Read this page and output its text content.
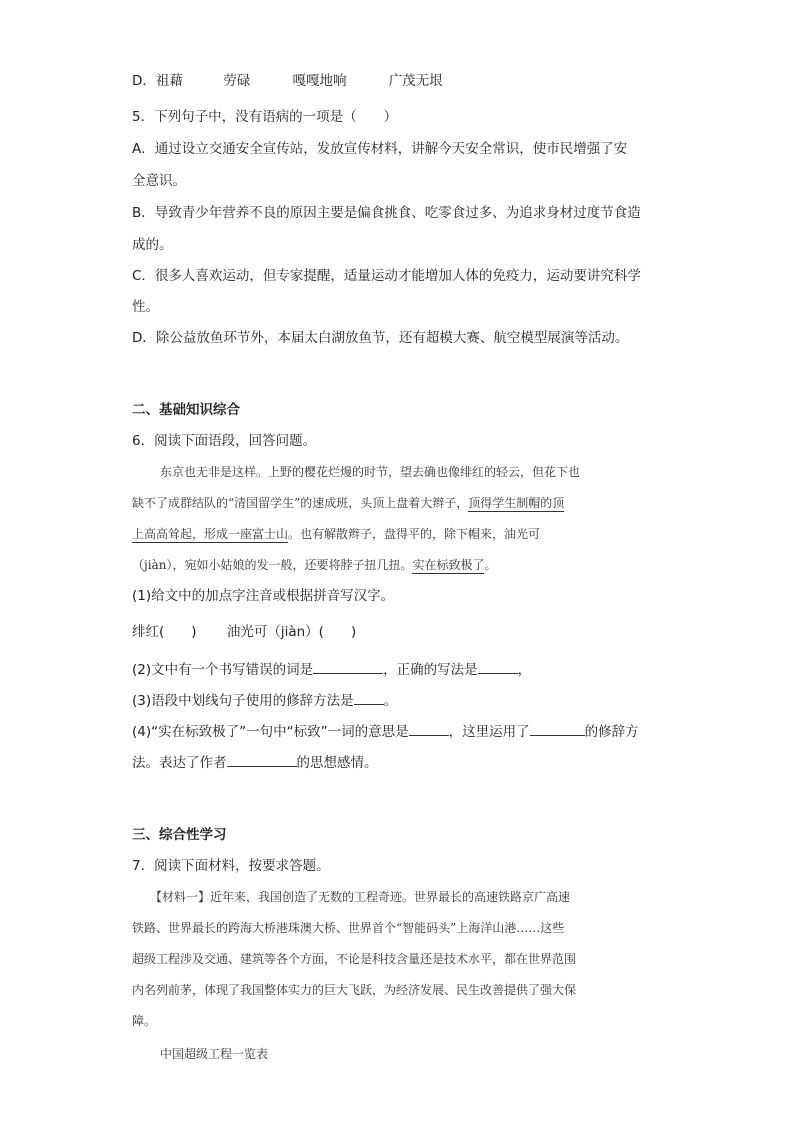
D．祖藉	劳碌	嘎嘎地响	广茂无垠
5．下列句子中，没有语病的一项是（　　）
A．通过设立交通安全宣传站，发放宣传材料，讲解今天安全常识，使市民增强了安
全意识。
B．导致青少年营养不良的原因主要是偏食挑食、吃零食过多、为追求身材过度节食造
成的。
C．很多人喜欢运动，但专家提醒，适量运动才能增加人体的免疫力，运动要讲究科学
性。
D．除公益放鱼环节外，本届太白湖放鱼节，还有超模大赛、航空模型展演等活动。
二、基础知识综合
6．阅读下面语段，回答问题。
东京也无非是这样。上野的樱花烂熳的时节，望去确也像绯红的轻云，但花下也
缺不了成群结队的“清国留学生”的速成班，头顶上盘着大辫子，顶得学生制帽的顶
上高高耸起，形成一座富士山。也有解散辫子，盘得平的，除下帽来，油光可
（jiàn），宛如小姑娘的发一般，还要将脖子扭几扭。实在标致极了。
(1)给文中的加点字注音或根据拼音写汉字。
绯红(　　) 油光可（jiàn）(　　)
(2)文中有一个书写错误的词是	，正确的写法是	，
(3)语段中划线句子使用的修辞方法是 。
(4)“实在标致极了”一句中“标致”一词的意思是	，这里运用了	的修辞方
法。表达了作者	的思想感情。
三、综合性学习
7．阅读下面材料，按要求答题。
【材料一】近年来，我国创造了无数的工程奇迹。世界最长的高速铁路京广高速
铁路、世界最长的跨海大桥港珠澳大桥、世界首个“智能码头”上海洋山港……这些
超级工程涉及交通、建筑等各个方面，不论是科技含量还是技术水平，都在世界范围
内名列前茅，体现了我国整体实力的巨大飞跃，为经济发展、民生改善提供了强大保
障。
中国超级工程一览表
